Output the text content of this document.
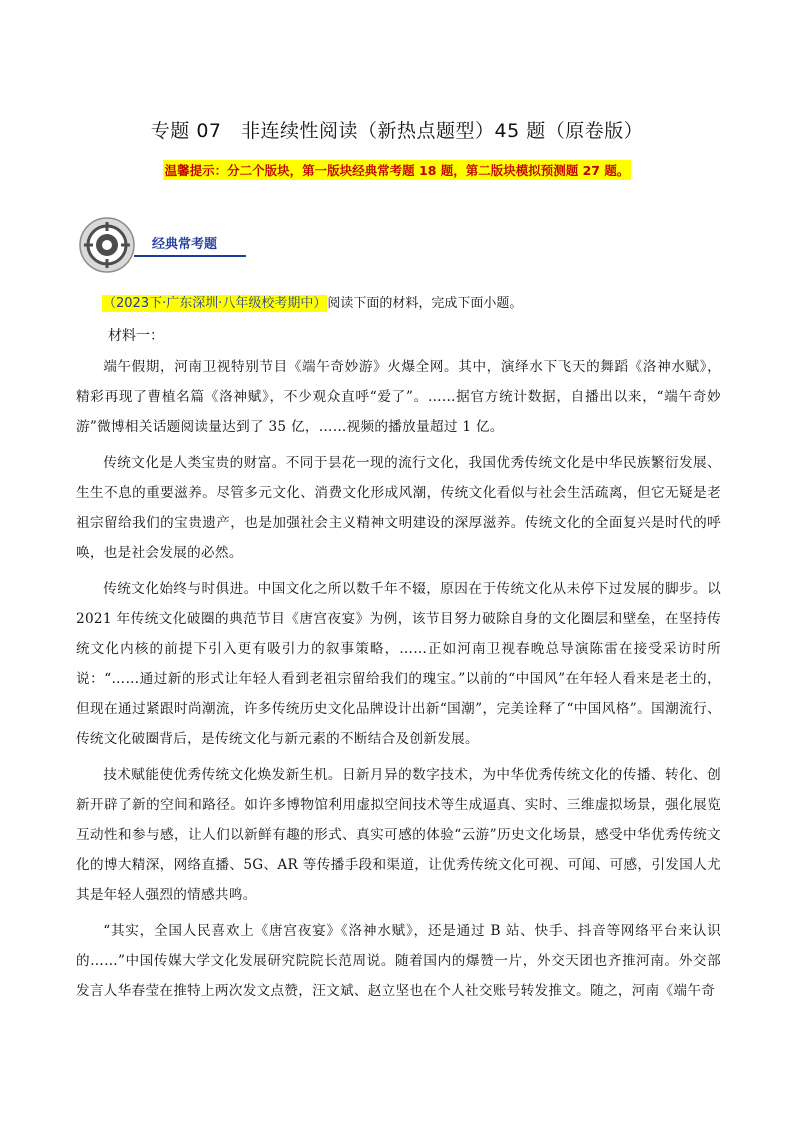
专题 07　非连续性阅读（新热点题型）45 题（原卷版）
温馨提示：分二个版块，第一版块经典常考题 18 题，第二版块模拟预测题 27 题。
经典常考题
（2023下·广东深圳·八年级校考期中）阅读下面的材料，完成下面小题。
材料一：

端午假期，河南卫视特别节目《端午奇妙游》火爆全网。其中，演绎水下飞天的舞蹈《洛神水赋》，精彩再现了曹植名篇《洛神赋》，不少观众直呼“爱了”。……据官方统计数据，自播出以来，“端午奇妙游”微博相关话题阅读量达到了 35 亿，……视频的播放量超过 1 亿。

传统文化是人类宝贵的财富。不同于昙花一现的流行文化，我国优秀传统文化是中华民族繁衍发展、生生不息的重要滋养。尽管多元文化、消费文化形成风潮，传统文化看似与社会生活疏离，但它无疑是老祖宗留给我们的宝贵遗产，也是加强社会主义精神文明建设的深厚滋养。传统文化的全面复兴是时代的呼唤，也是社会发展的必然。

传统文化始终与时俱进。中国文化之所以数千年不辍，原因在于传统文化从未停下过发展的脚步。以 2021 年传统文化破圈的典范节目《唐宫夜宴》为例，该节目努力破除自身的文化圈层和壁垒，在坚持传统文化内核的前提下引入更有吸引力的叙事策略，……正如河南卫视春晚总导演陈雷在接受采访时所说：“……通过新的形式让年轻人看到老祖宗留给我们的瑰宝。”以前的“中国风”在年轻人看来是老土的，但现在通过紧跟时尚潮流，许多传统历史文化品牌设计出新“国潮”，完美诠释了“中国风格”。国潮流行、传统文化破圈背后，是传统文化与新元素的不断结合及创新发展。

技术赋能使优秀传统文化焕发新生机。日新月异的数字技术，为中华优秀传统文化的传播、转化、创新开辟了新的空间和路径。如许多博物馆利用虚拟空间技术等生成逼真、实时、三维虚拟场景，强化展览互动性和参与感，让人们以新鲜有趣的形式、真实可感的体验“云游”历史文化场景，感受中华优秀传统文化的博大精深，网络直播、5G、AR 等传播手段和渠道，让优秀传统文化可视、可闻、可感，引发国人尤其是年轻人强烈的情感共鸣。

“其实，全国人民喜欢上《唐宫夜宴》《洛神水赋》，还是通过 B 站、快手、抖音等网络平台来认识的……”中国传媒大学文化发展研究院院长范周说。随着国内的爆赞一片，外交天团也齐推河南。外交部发言人华春莹在推特上两次发文点赞，汪文斌、赵立坚也在个人社交账号转发推文。随之，河南《端午奇
